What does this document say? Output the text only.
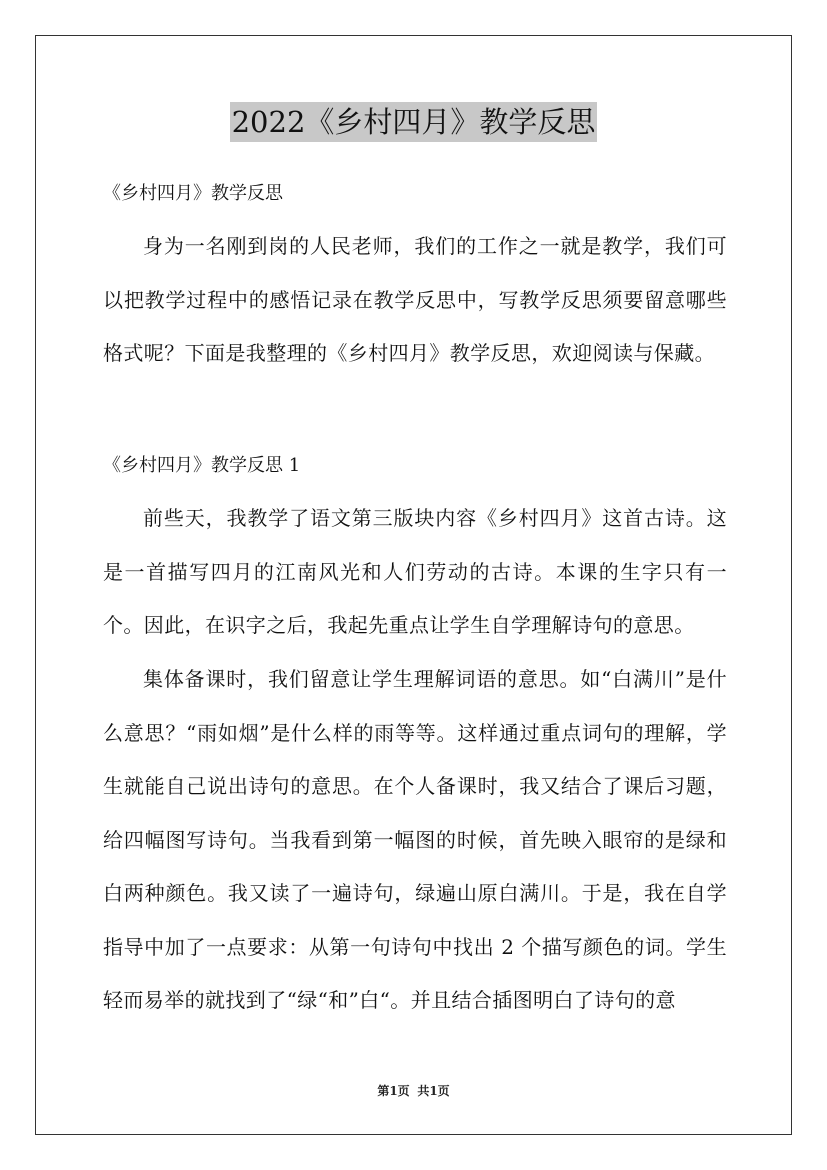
2022《乡村四月》教学反思
《乡村四月》教学反思

身为一名刚到岗的人民老师，我们的工作之一就是教学，我们可以把教学过程中的感悟记录在教学反思中，写教学反思须要留意哪些格式呢？下面是我整理的《乡村四月》教学反思，欢迎阅读与保藏。

《乡村四月》教学反思 1

前些天，我教学了语文第三版块内容《乡村四月》这首古诗。这是一首描写四月的江南风光和人们劳动的古诗。本课的生字只有一个。因此，在识字之后，我起先重点让学生自学理解诗句的意思。

集体备课时，我们留意让学生理解词语的意思。如“白满川”是什么意思？“雨如烟”是什么样的雨等等。这样通过重点词句的理解，学生就能自己说出诗句的意思。在个人备课时，我又结合了课后习题，给四幅图写诗句。当我看到第一幅图的时候，首先映入眼帘的是绿和白两种颜色。我又读了一遍诗句，绿遍山原白满川。于是，我在自学指导中加了一点要求：从第一句诗句中找出 2 个描写颜色的词。学生轻而易举的就找到了“绿“和”白“。并且结合插图明白了诗句的意

第1页 共1页
